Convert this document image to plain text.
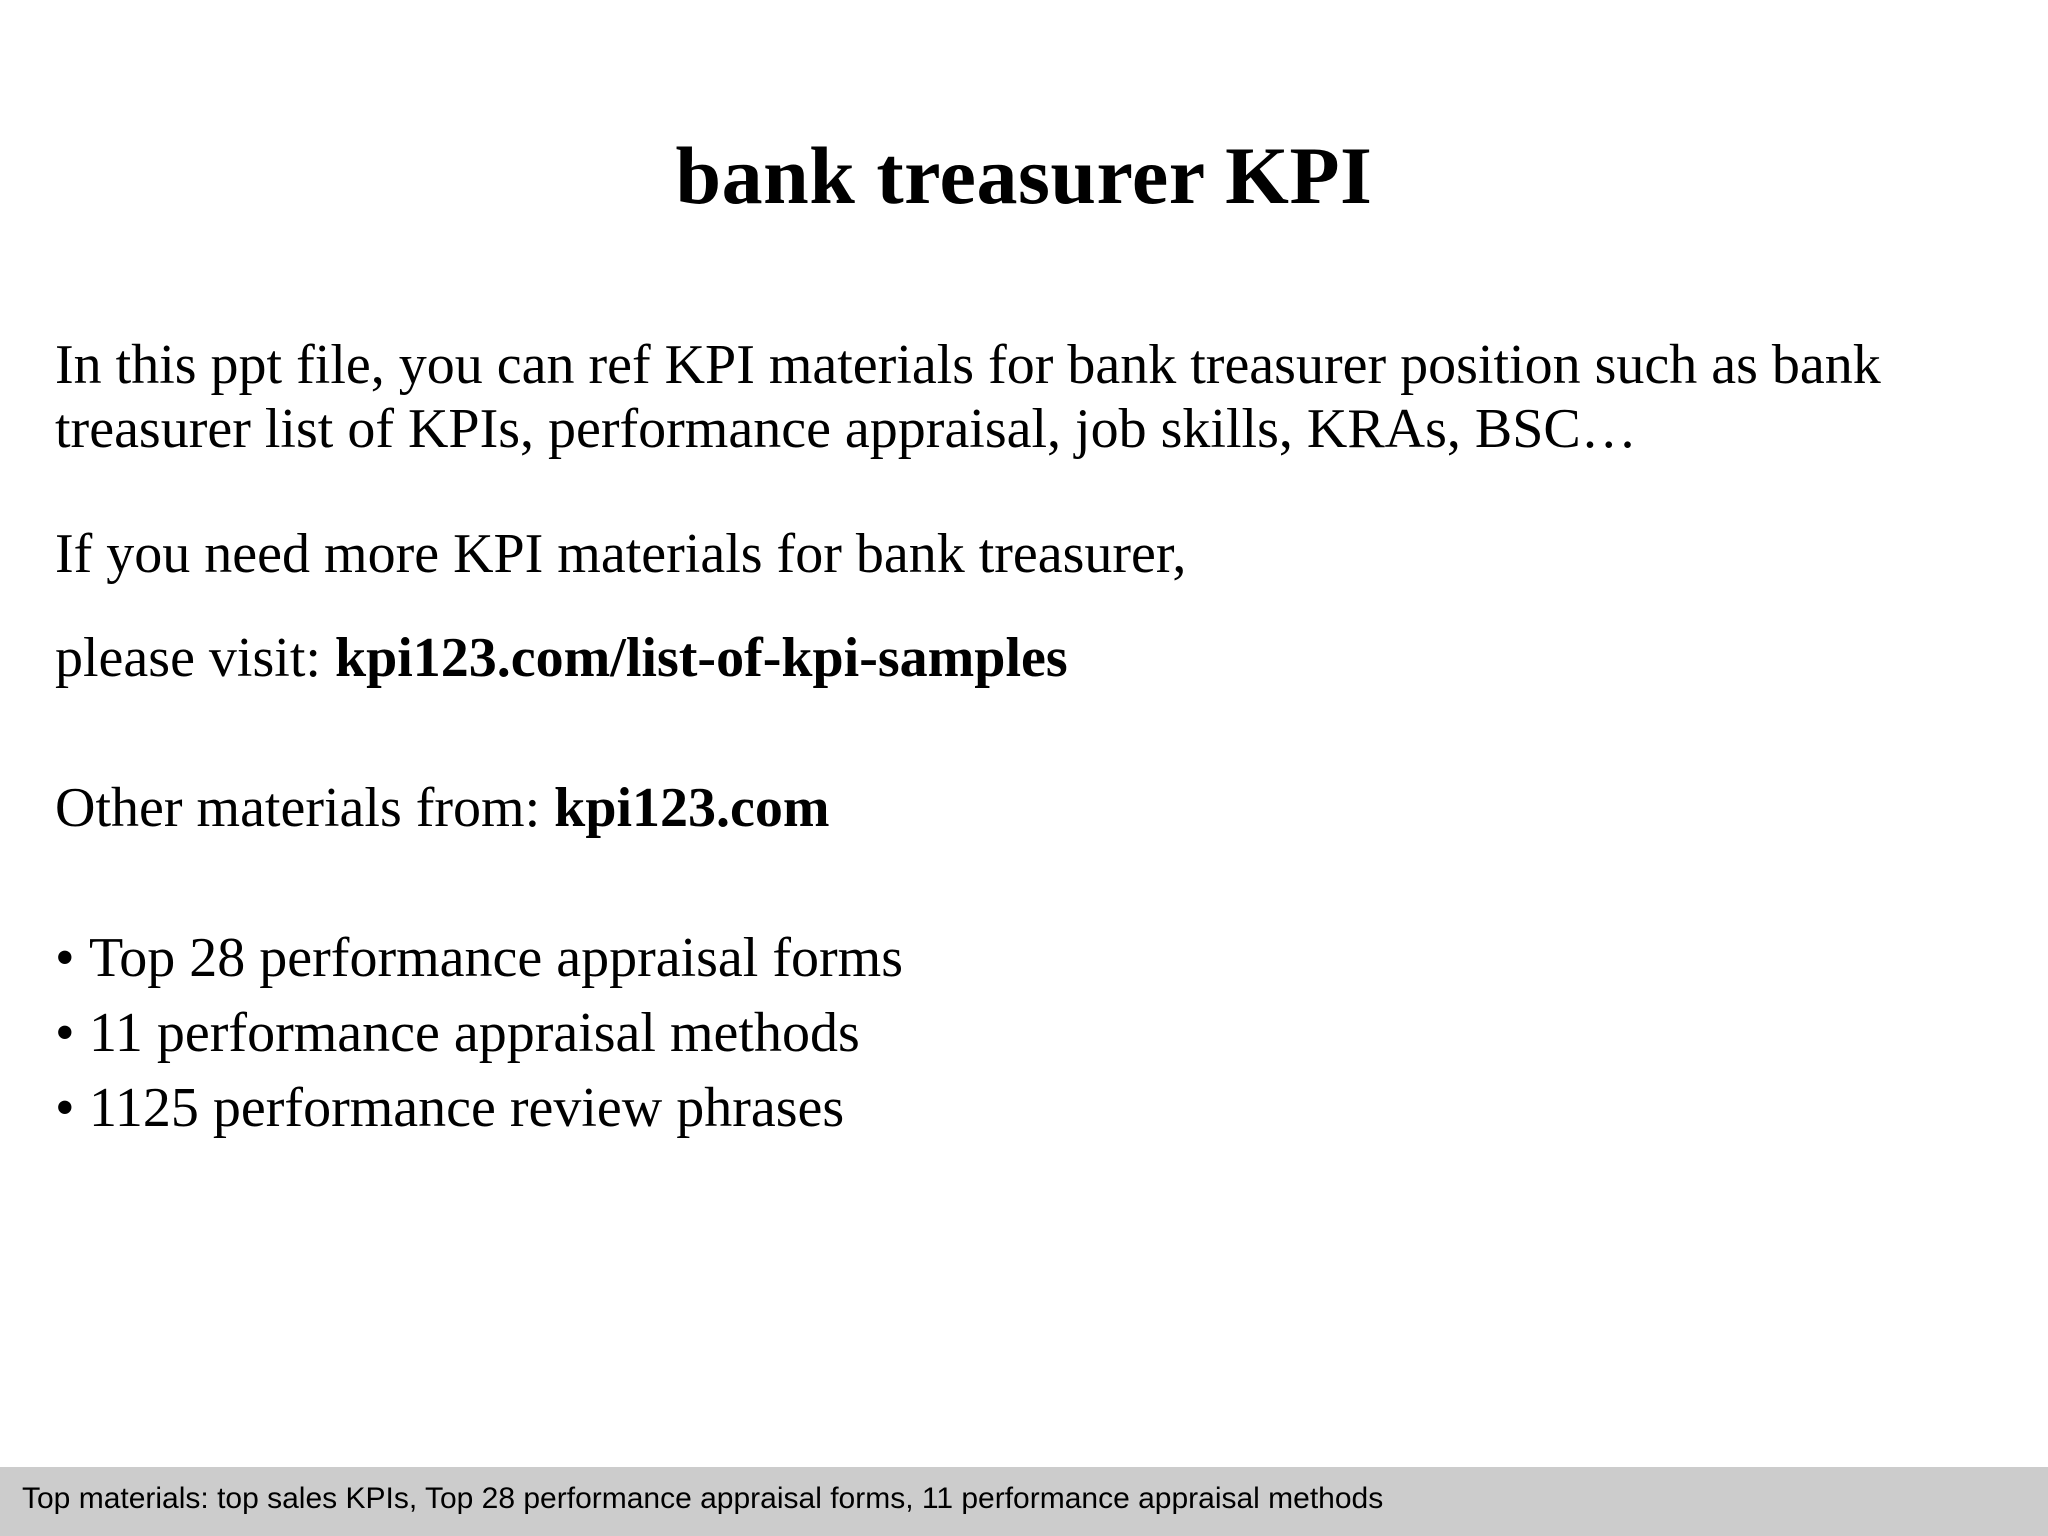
bank treasurer KPI

In this ppt file, you can ref KPI materials for bank treasurer position such as bank treasurer list of KPIs, performance appraisal, job skills, KRAs, BSC…

If you need more KPI materials for bank treasurer,

please visit: kpi123.com/list-of-kpi-samples

Other materials from: kpi123.com

• Top 28 performance appraisal forms
• 11 performance appraisal methods
• 1125 performance review phrases
Top materials: top sales KPIs, Top 28 performance appraisal forms, 11 performance appraisal methods
